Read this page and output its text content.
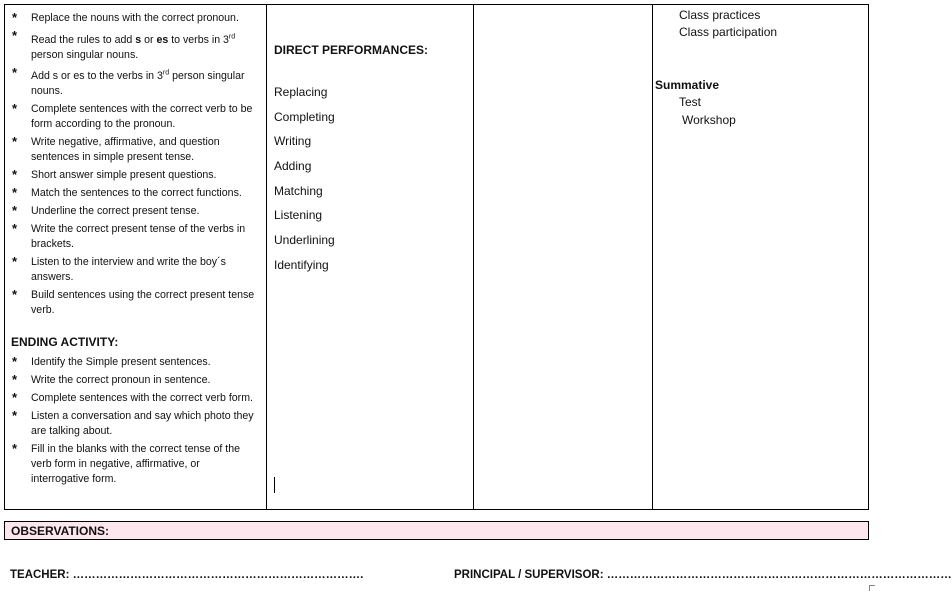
* Replace the nouns with the correct pronoun.
* Read the rules to add s or es to verbs in 3rd person singular nouns.
* Add s or es to the verbs in 3rd person singular nouns.
* Complete sentences with the correct verb to be form according to the pronoun.
* Write negative, affirmative, and question sentences in simple present tense.
* Short answer simple present questions.
* Match the sentences to the correct functions.
* Underline the correct present tense.
* Write the correct present tense of the verbs in brackets.
* Listen to the interview and write the boy´s answers.
* Build sentences using the correct present tense verb.
ENDING ACTIVITY:
* Identify the Simple present sentences.
* Write the correct pronoun in sentence.
* Complete sentences with the correct verb form.
* Listen a conversation and say which photo they are talking about.
* Fill in the blanks with the correct tense of the verb form in negative, affirmative, or interrogative form.
DIRECT PERFORMANCES:
Replacing
Completing
Writing
Adding
Matching
Listening
Underlining
Identifying
Class practices
Class participation
Summative
Test
Workshop
OBSERVATIONS:
TEACHER: ………………………………………………………………….	PRINCIPAL / SUPERVISOR: ………………………………………………………………………………
